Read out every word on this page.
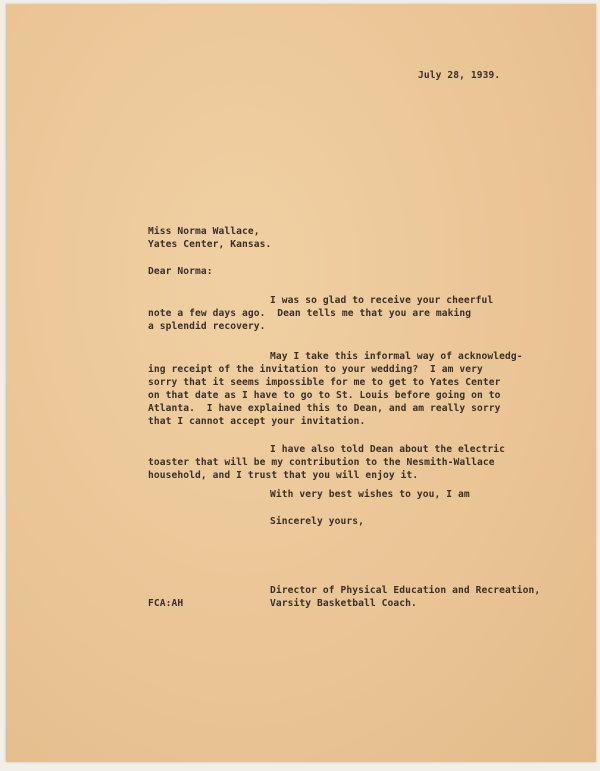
July 28, 1939.
Miss Norma Wallace,
Yates Center, Kansas.
Dear Norma:
I was so glad to receive your cheerful
note a few days ago.  Dean tells me that you are making
a splendid recovery.
May I take this informal way of acknowledg-
ing receipt of the invitation to your wedding?  I am very
sorry that it seems impossible for me to get to Yates Center
on that date as I have to go to St. Louis before going on to
Atlanta.  I have explained this to Dean, and am really sorry
that I cannot accept your invitation.
I have also told Dean about the electric
toaster that will be my contribution to the Nesmith-Wallace
household, and I trust that you will enjoy it.
With very best wishes to you, I am
Sincerely yours,
Director of Physical Education and Recreation,
Varsity Basketball Coach.
FCA:AH
